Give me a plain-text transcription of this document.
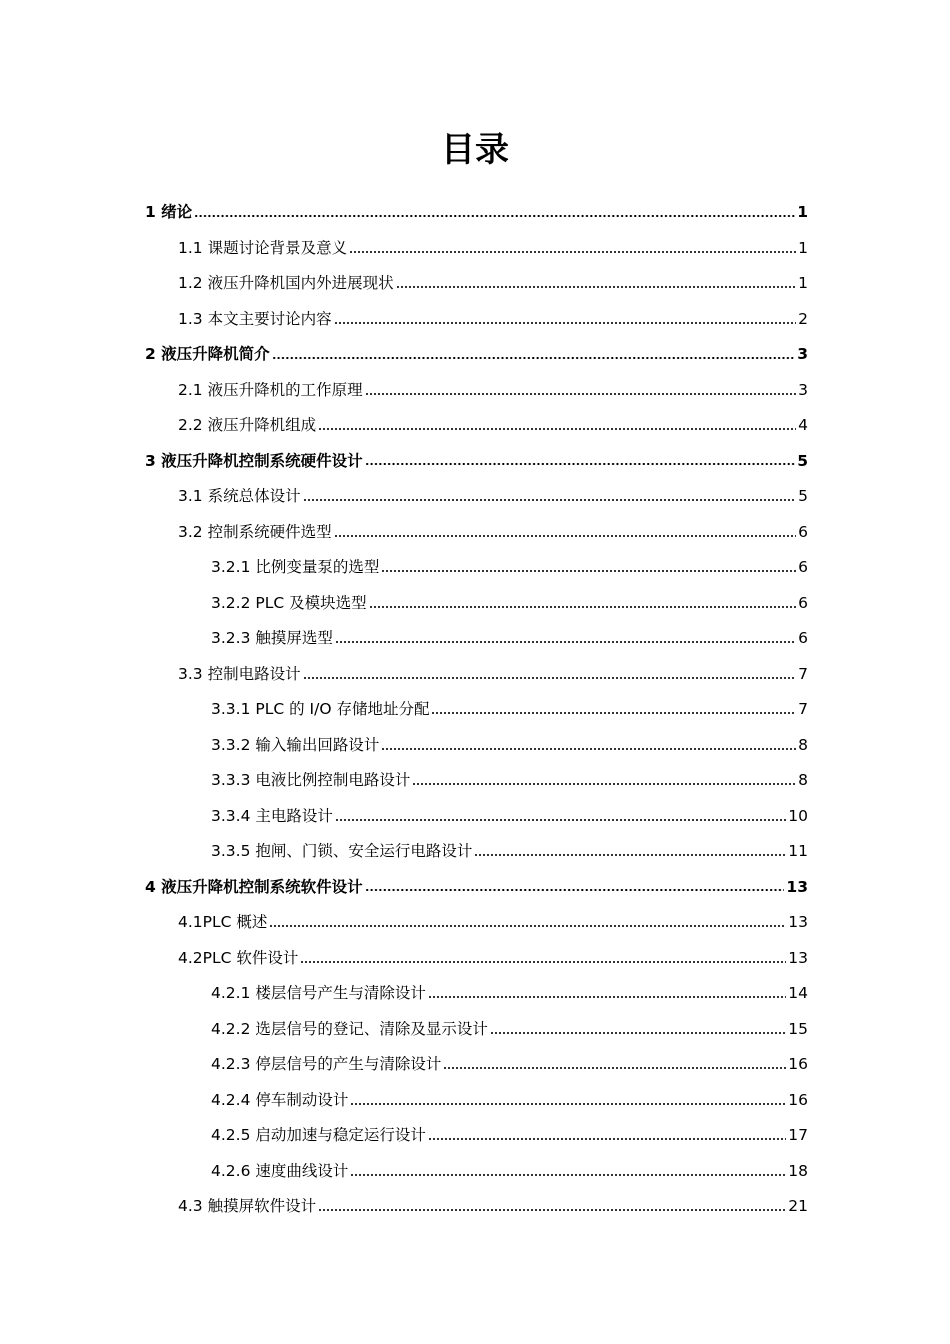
目录
1 绪论	1
1.1 课题讨论背景及意义	1
1.2 液压升降机国内外进展现状	1
1.3 本文主要讨论内容	2
2 液压升降机简介	3
2.1 液压升降机的工作原理	3
2.2 液压升降机组成	4
3 液压升降机控制系统硬件设计	5
3.1 系统总体设计	5
3.2 控制系统硬件选型	6
3.2.1 比例变量泵的选型	6
3.2.2 PLC 及模块选型	6
3.2.3 触摸屏选型	6
3.3 控制电路设计	7
3.3.1 PLC 的 I/O 存储地址分配	7
3.3.2 输入输出回路设计	8
3.3.3 电液比例控制电路设计	8
3.3.4 主电路设计	10
3.3.5 抱闸、门锁、安全运行电路设计	11
4 液压升降机控制系统软件设计	13
4.1PLC 概述	13
4.2PLC 软件设计	13
4.2.1 楼层信号产生与清除设计	14
4.2.2 选层信号的登记、清除及显示设计	15
4.2.3 停层信号的产生与清除设计	16
4.2.4 停车制动设计	16
4.2.5 启动加速与稳定运行设计	17
4.2.6 速度曲线设计	18
4.3 触摸屏软件设计	21
